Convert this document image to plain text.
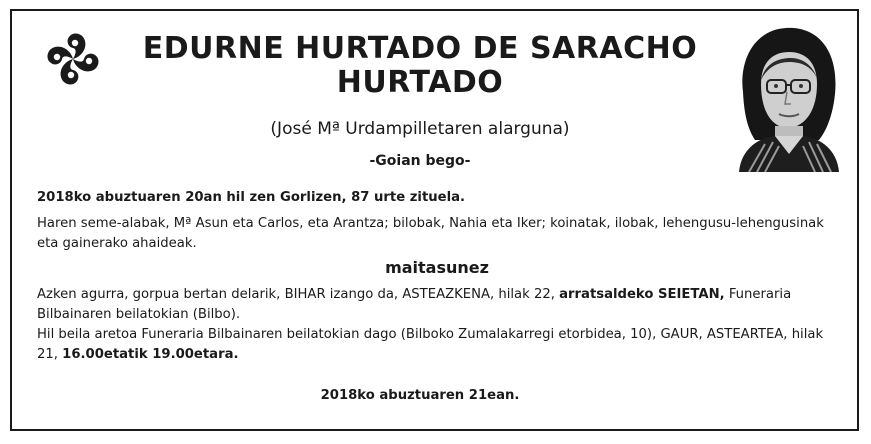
EDURNE HURTADO DE SARACHO
HURTADO
(José Mª Urdampilletaren alarguna)
-Goian bego-

2018ko abuztuaren 20an hil zen Gorlizen, 87 urte zituela.

Haren seme-alabak, Mª Asun eta Carlos, eta Arantza; bilobak, Nahia eta Iker; koinatak, ilobak, lehengusu-lehengusinak eta gainerako ahaideak.

maitasunez

Azken agurra, gorpua bertan delarik, BIHAR izango da, ASTEAZKENA, hilak 22, arratsaldeko SEIETAN, Funeraria Bilbainaren beilatokian (Bilbo).

Hil beila aretoa Funeraria Bilbainaren beilatokian dago (Bilboko Zumalakarregi etorbidea, 10), GAUR, ASTEARTEA, hilak 21, 16.00etatik 19.00etara.

2018ko abuztuaren 21ean.
